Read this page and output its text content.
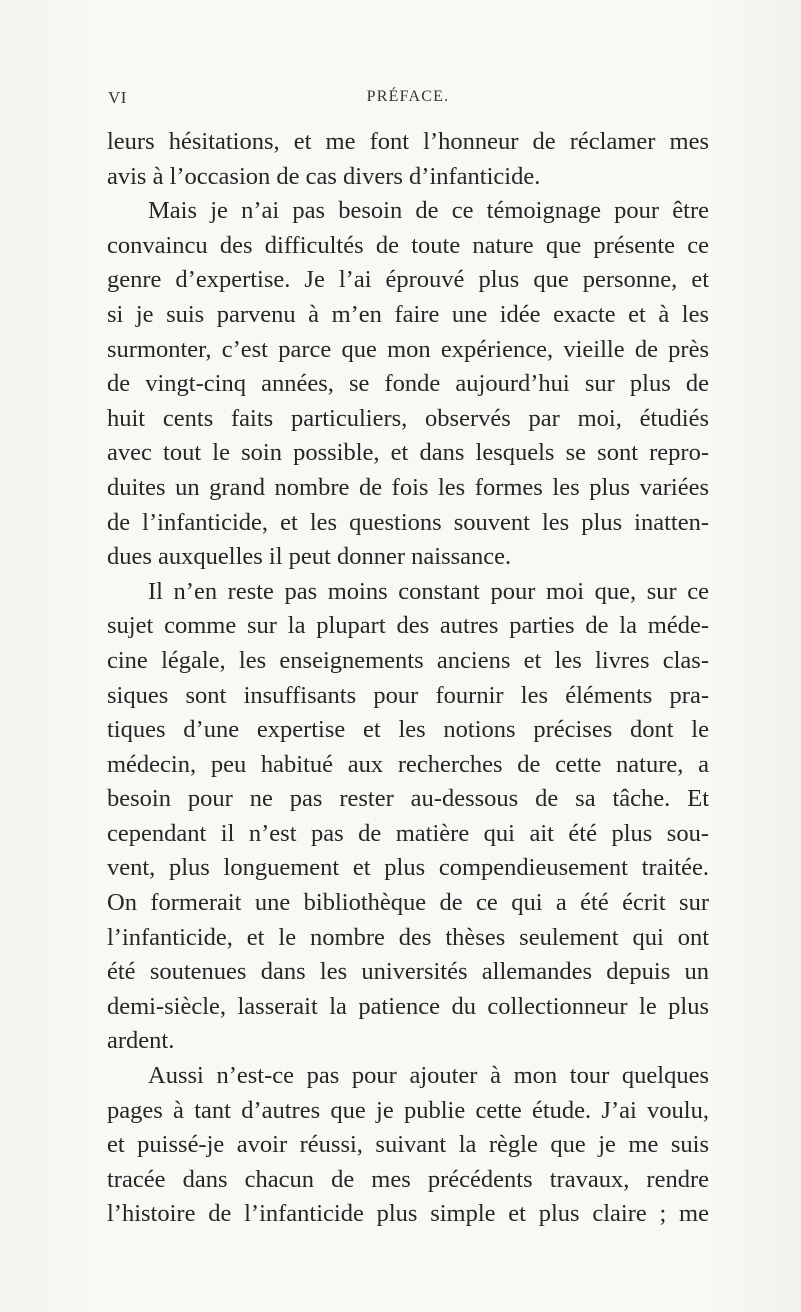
VI	PRÉFACE.
leurs hésitations, et me font l’honneur de réclamer mes
avis à l’occasion de cas divers d’infanticide.
Mais je n’ai pas besoin de ce témoignage pour être
convaincu des difficultés de toute nature que présente ce
genre d’expertise. Je l’ai éprouvé plus que personne, et
si je suis parvenu à m’en faire une idée exacte et à les
surmonter, c’est parce que mon expérience, vieille de près
de vingt-cinq années, se fonde aujourd’hui sur plus de
huit cents faits particuliers, observés par moi, étudiés
avec tout le soin possible, et dans lesquels se sont repro-
duites un grand nombre de fois les formes les plus variées
de l’infanticide, et les questions souvent les plus inatten-
dues auxquelles il peut donner naissance.
Il n’en reste pas moins constant pour moi que, sur ce
sujet comme sur la plupart des autres parties de la méde-
cine légale, les enseignements anciens et les livres clas-
siques sont insuffisants pour fournir les éléments pra-
tiques d’une expertise et les notions précises dont le
médecin, peu habitué aux recherches de cette nature, a
besoin pour ne pas rester au-dessous de sa tâche. Et
cependant il n’est pas de matière qui ait été plus sou-
vent, plus longuement et plus compendieusement traitée.
On formerait une bibliothèque de ce qui a été écrit sur
l’infanticide, et le nombre des thèses seulement qui ont
été soutenues dans les universités allemandes depuis un
demi-siècle, lasserait la patience du collectionneur le plus
ardent.
Aussi n’est-ce pas pour ajouter à mon tour quelques
pages à tant d’autres que je publie cette étude. J’ai voulu,
et puissé-je avoir réussi, suivant la règle que je me suis
tracée dans chacun de mes précédents travaux, rendre
l’histoire de l’infanticide plus simple et plus claire ; me
